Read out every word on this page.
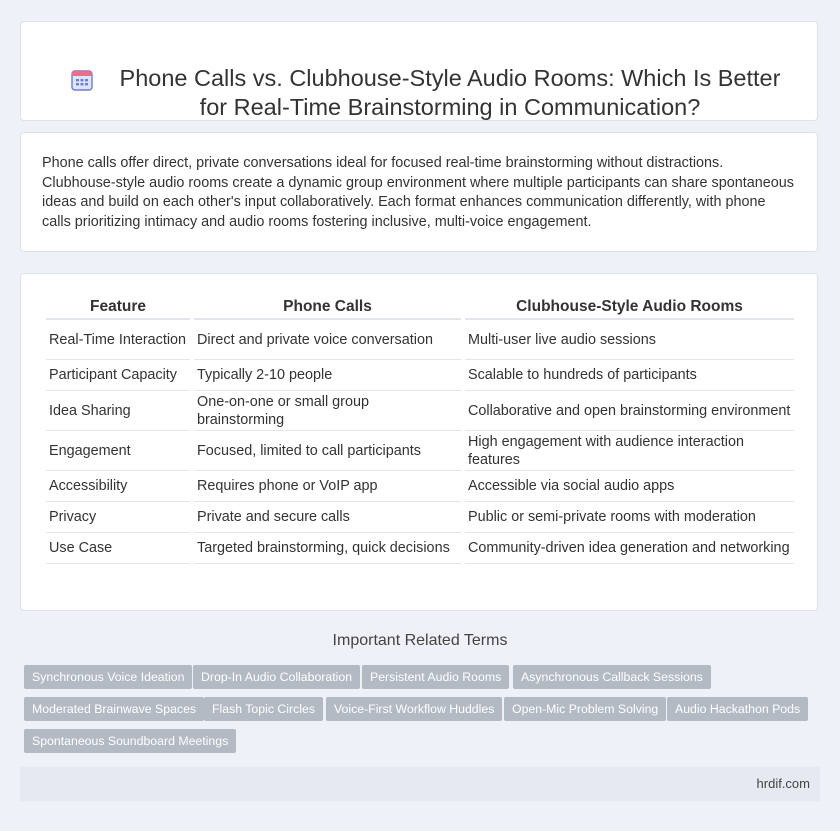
Phone Calls vs. Clubhouse-Style Audio Rooms: Which Is Better for Real-Time Brainstorming in Communication?

Phone calls offer direct, private conversations ideal for focused real-time brainstorming without distractions. Clubhouse-style audio rooms create a dynamic group environment where multiple participants can share spontaneous ideas and build on each other's input collaboratively. Each format enhances communication differently, with phone calls prioritizing intimacy and audio rooms fostering inclusive, multi-voice engagement.

Feature	Phone Calls	Clubhouse-Style Audio Rooms
Real-Time Interaction	Direct and private voice conversation	Multi-user live audio sessions
Participant Capacity	Typically 2-10 people	Scalable to hundreds of participants
Idea Sharing	One-on-one or small group brainstorming	Collaborative and open brainstorming environment
Engagement	Focused, limited to call participants	High engagement with audience interaction features
Accessibility	Requires phone or VoIP app	Accessible via social audio apps
Privacy	Private and secure calls	Public or semi-private rooms with moderation
Use Case	Targeted brainstorming, quick decisions	Community-driven idea generation and networking
Important Related Terms
Synchronous Voice Ideation	Drop-In Audio Collaboration	Persistent Audio Rooms	Asynchronous Callback Sessions
Moderated Brainwave Spaces	Flash Topic Circles	Voice-First Workflow Huddles	Open-Mic Problem Solving	Audio Hackathon Pods
Spontaneous Soundboard Meetings
hrdif.com
